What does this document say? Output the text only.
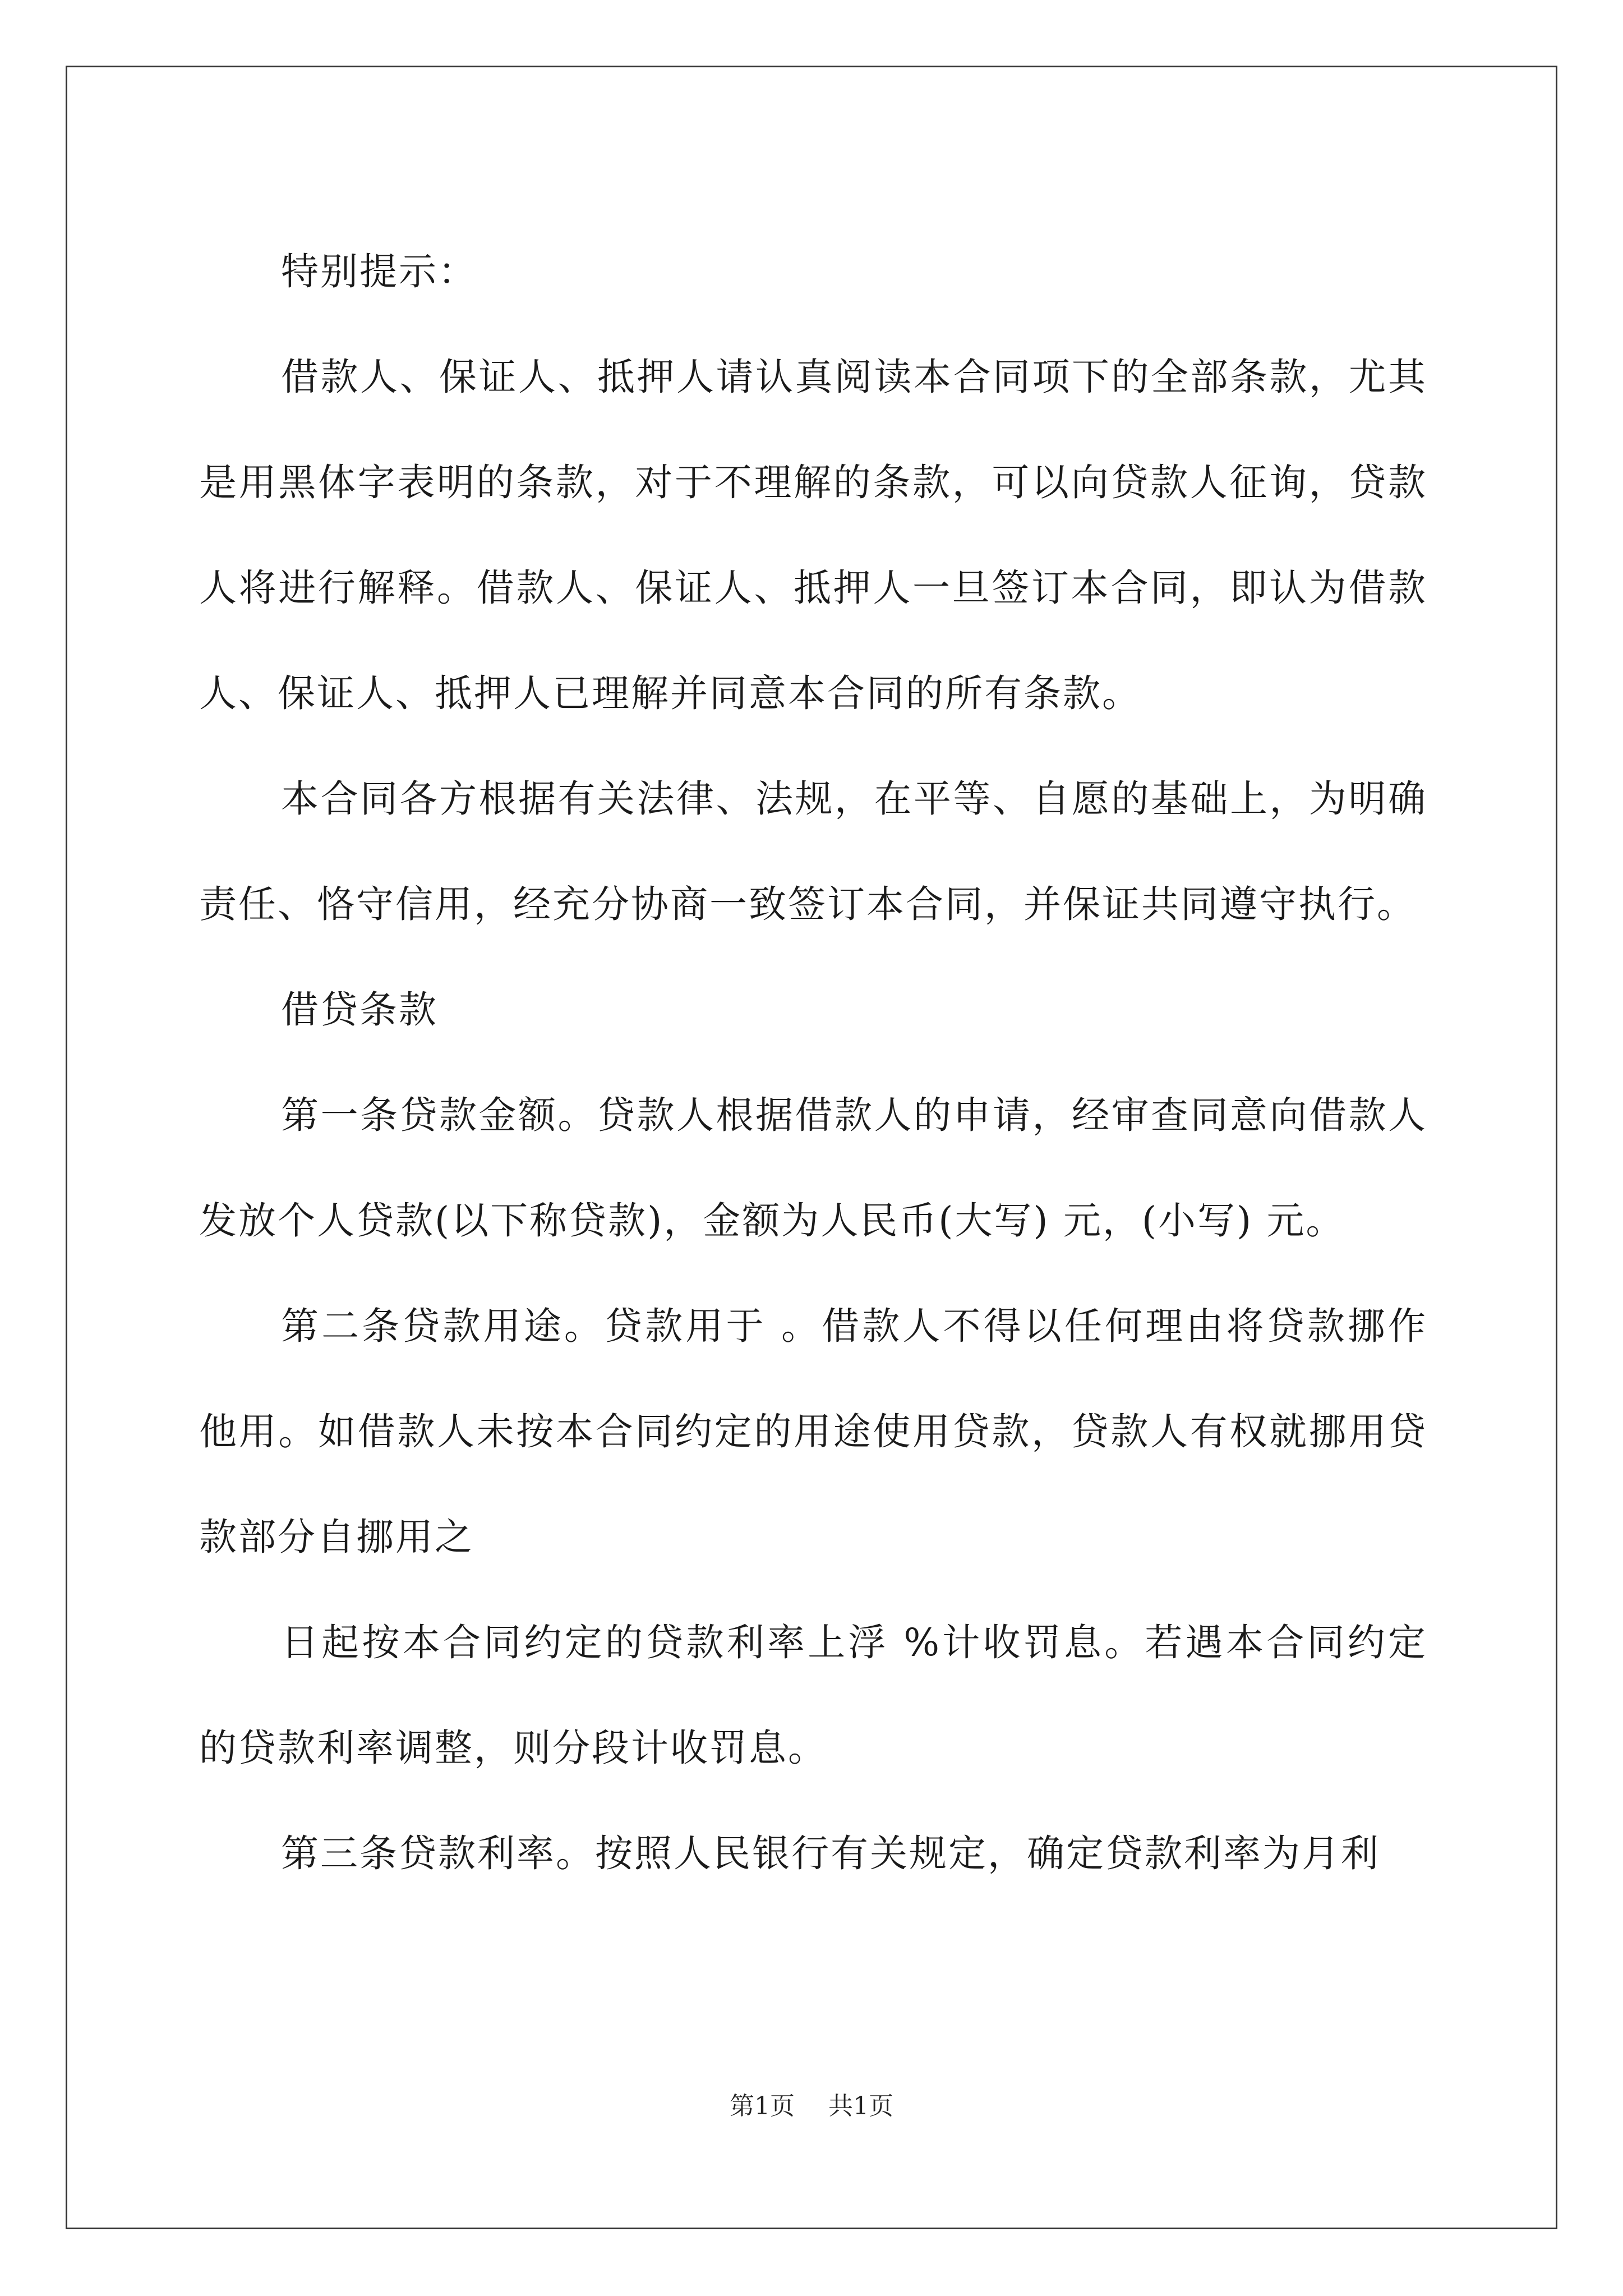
特别提示：

借款人、保证人、抵押人请认真阅读本合同项下的全部条款，尤其是用黑体字表明的条款，对于不理解的条款，可以向贷款人征询，贷款人将进行解释。借款人、保证人、抵押人一旦签订本合同，即认为借款人、保证人、抵押人已理解并同意本合同的所有条款。

本合同各方根据有关法律、法规，在平等、自愿的基础上，为明确责任、恪守信用，经充分协商一致签订本合同，并保证共同遵守执行。

借贷条款

第一条贷款金额。贷款人根据借款人的申请，经审查同意向借款人发放个人贷款(以下称贷款)，金额为人民币(大写) 元，(小写) 元。

第二条贷款用途。贷款用于 。借款人不得以任何理由将贷款挪作他用。如借款人未按本合同约定的用途使用贷款，贷款人有权就挪用贷款部分自挪用之

日起按本合同约定的贷款利率上浮 %计收罚息。若遇本合同约定的贷款利率调整，则分段计收罚息。

第三条贷款利率。按照人民银行有关规定，确定贷款利率为月利

第1页 共1页
